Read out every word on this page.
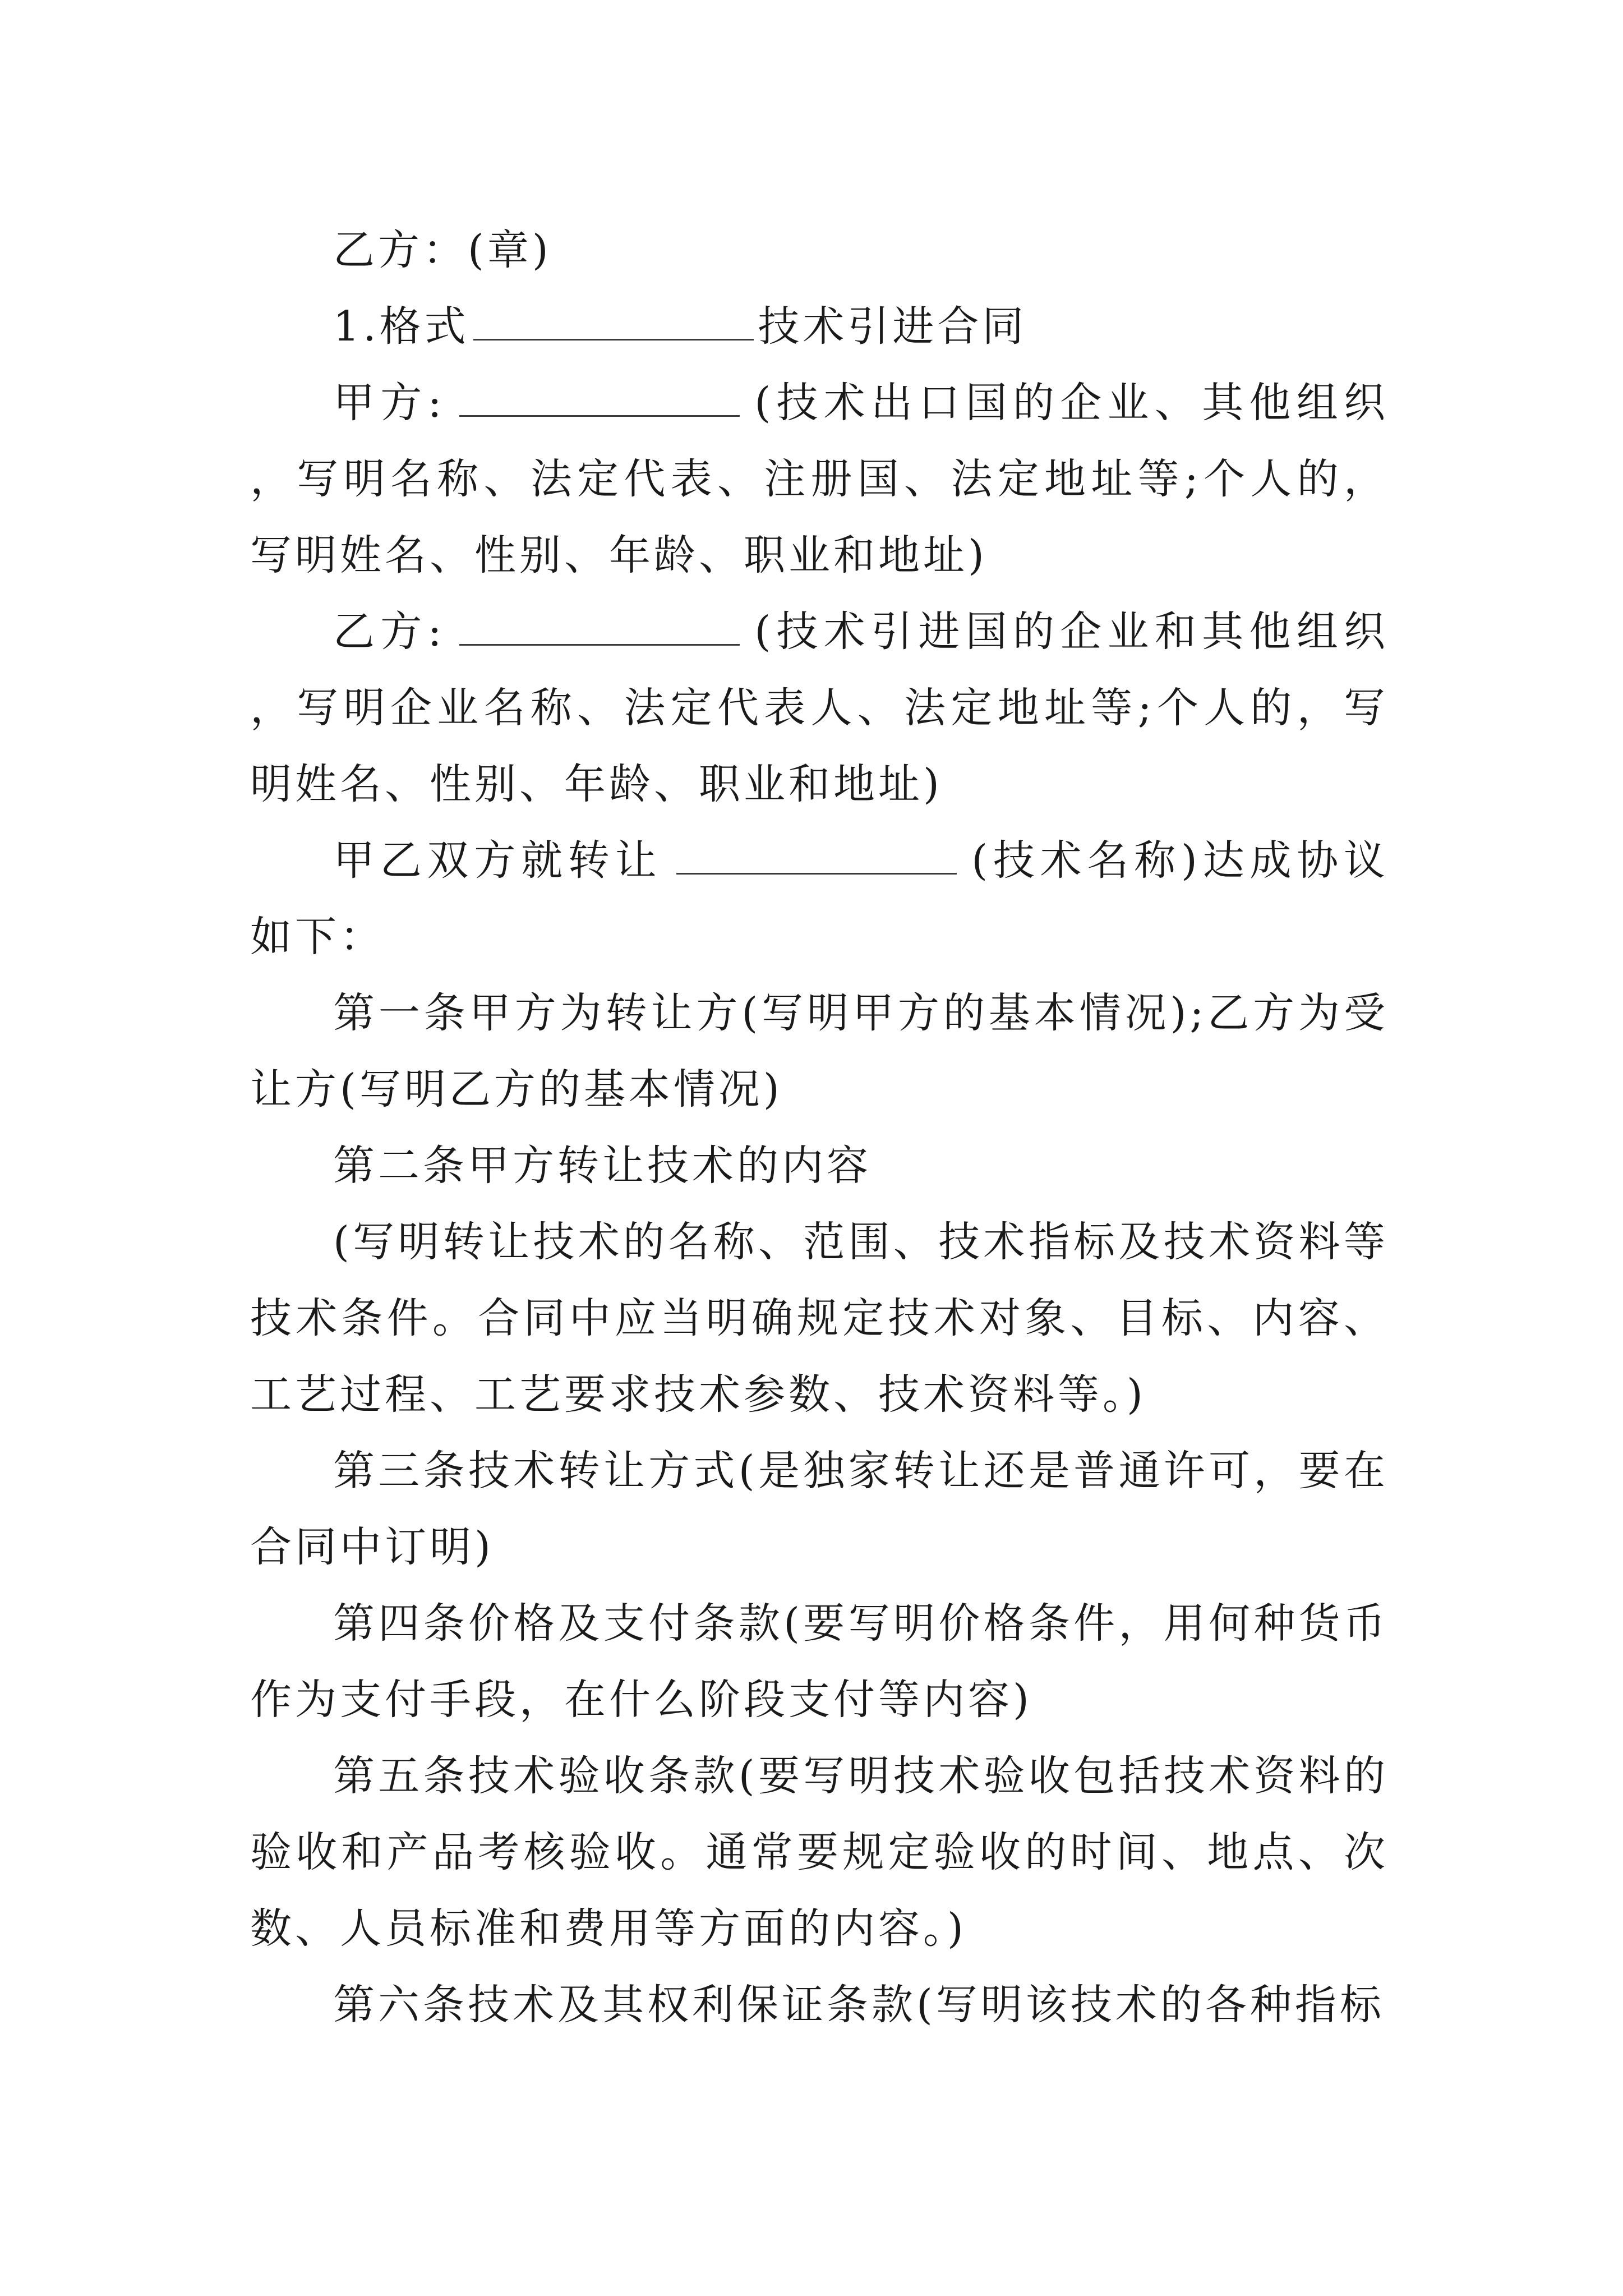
乙方：(章)

1.格式	技术引进合同

甲方:	(技术出口国的企业、其他组织，写明名称、法定代表、注册国、法定地址等;个人的，写明姓名、性别、年龄、职业和地址)

乙方:	(技术引进国的企业和其他组织，写明企业名称、法定代表人、法定地址等;个人的，写明姓名、性别、年龄、职业和地址)

甲乙双方就转让	(技术名称)达成协议如下：

第一条甲方为转让方(写明甲方的基本情况);乙方为受让方(写明乙方的基本情况)

第二条甲方转让技术的内容

(写明转让技术的名称、范围、技术指标及技术资料等技术条件。合同中应当明确规定技术对象、目标、内容、工艺过程、工艺要求技术参数、技术资料等。)

第三条技术转让方式(是独家转让还是普通许可，要在合同中订明)

第四条价格及支付条款(要写明价格条件，用何种货币作为支付手段，在什么阶段支付等内容)

第五条技术验收条款(要写明技术验收包括技术资料的验收和产品考核验收。通常要规定验收的时间、地点、次数、人员标准和费用等方面的内容。)

第六条技术及其权利保证条款(写明该技术的各种指标
